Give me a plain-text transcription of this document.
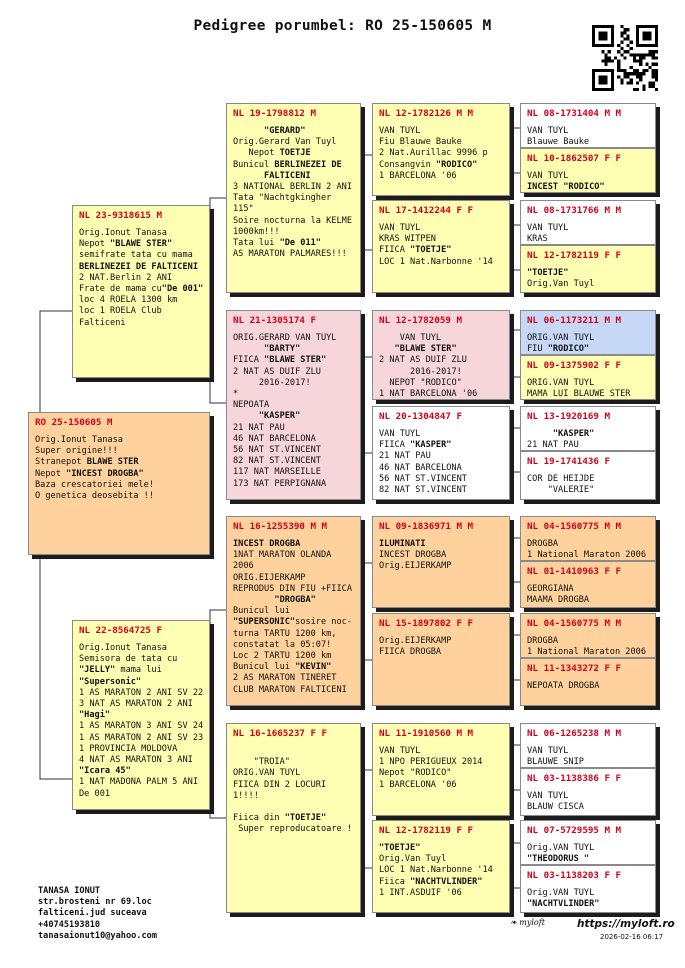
Pedigree porumbel: RO 25-150605 M
RO 25-150605 M
Orig.Ionut Tanasa
Super origine!!!
Stranepot BLAWE STER
Nepot "INCEST DROGBA"
Baza crescatoriei mele!
O genetica deosebita !!
NL 23-9318615 M
Orig.Ionut Tanasa
Nepot "BLAWE STER"
semifrate tata cu mama
BERLINEZEI DE FALTICENI
2 NAT.Berlin 2 ANI
Frate de mama cu"De 001"
loc 4 ROELA 1300 km
loc 1 ROELA Club Falticeni
NL 22-8564725 F
Orig.Ionut Tanasa
Semisora de tata cu
"JELLY" mama lui
"Supersonic"
1 AS MARATON 2 ANI SV 22
3 NAT AS MARATON 2 ANI
"Hagi"
1 AS MARATON 3 ANI SV 24
1 AS MARATON 2 ANI SV 23
1 PROVINCIA MOLDOVA
4 NAT AS MARATON 3 ANI
"Icara 45"
1 NAT MADONA PALM 5 ANI
De 001
NL 19-1798812 M
"GERARD"
Orig.Gerard Van Tuyl
Nepot TOETJE
Bunicul BERLINEZEI DE
FALTICENI
3 NATIONAL BERLIN 2 ANI
Tata "Nachtgkingher 115"
Soire nocturna la KELME
1000km!!!
Tata lui "De 011"
AS MARATON PALMARES!!!
NL 21-1305174 F
ORIG.GERARD VAN TUYL
"BARTY"
FIICA "BLAWE STER"
2 NAT AS DUIF ZLU
2016-2017!
*
NEPOATA
"KASPER"
21 NAT PAU
46 NAT BARCELONA
56 NAT ST.VINCENT
82 NAT ST.VINCENT
117 NAT MARSEILLE
173 NAT PERPIGNANA
NL 16-1255390 M M
INCEST DROGBA
1NAT MARATON OLANDA 2006
ORIG.EIJERKAMP
REPRODUS DIN FIU +FIICA
"DROGBA"
Bunicul lui
"SUPERSONIC"sosire noc-
turna TARTU 1200 km,
constatat la 05:07!
Loc 2 TARTU 1200 km
Bunicul lui "KEVIN"
2 AS MARATON TINERET
CLUB MARATON FALTICENI
NL 16-1665237 F F

"TROIA"
ORIG.VAN TUYL
FIICA DIN 2 LOCURI 1!!!!

Fiica din "TOETJE"
Super reproducatoare !
NL 12-1782126 M M
VAN TUYL
Fiu Blauwe Bauke
2 Nat.Aurillac 9996 p
Consangvin "RODICO"
1 BARCELONA '06
NL 17-1412244 F F
VAN TUYL
KRAS WITPEN
FIICA "TOETJE"
LOC 1 Nat.Narbonne '14
NL 12-1782059 M
VAN TUYL
"BLAWE STER"
2 NAT AS DUIF ZLU
2016-2017!
NEPOT "RODICO"
1 NAT BARCELONA '06
NL 20-1304847 F
VAN TUYL
FIICA "KASPER"
21 NAT PAU
46 NAT BARCELONA
56 NAT ST.VINCENT
82 NAT ST.VINCENT
NL 09-1836971 M M
ILUMINATI
INCEST DROGBA
Orig.EIJERKAMP
NL 15-1897802 F F
Orig.EIJERKAMP
FIICA DROGBA
NL 11-1910560 M M
VAN TUYL
1 NPO PERIGUEUX 2014
Nepot "RODICO"
1 BARCELONA '06
NL 12-1782119 F F
"TOETJE"
Orig.Van Tuyl
LOC 1 Nat.Narbonne '14
Fiica "NACHTVLINDER"
1 INT.ASDUIF '06
NL 08-1731404 M M
VAN TUYL
Blauwe Bauke
NL 10-1862507 F F
VAN TUYL
INCEST "RODICO"
NL 08-1731766 M M
VAN TUYL
KRAS
NL 12-1782119 F F
"TOETJE"
Orig.Van Tuyl
NL 06-1173211 M M
ORIG.VAN TUYL
FIU "RODICO"
NL 09-1375902 F F
ORIG.VAN TUYL
MAMA LUI BLAUWE STER
NL 13-1920169 M
"KASPER"
21 NAT PAU
NL 19-1741436 F
COR DE HEIJDE
"VALERIE"
NL 04-1560775 M M
DROGBA
1 National Maraton 2006
NL 01-1410963 F F
GEORGIANA
MAAMA DROGBA
NL 04-1560775 M M
DROGBA
1 National Maraton 2006
NL 11-1343272 F F
NEPOATA DROGBA
NL 06-1265238 M M
VAN TUYL
BLAUWE SNIP
NL 03-1138386 F F
VAN TUYL
BLAUW CISCA
NL 07-5729595 M M
Orig.VAN TUYL
"THEODORUS "
NL 03-1138203 F F
Orig.VAN TUYL
"NACHTVLINDER"
TANASA IONUT
str.brosteni nr 69.loc
falticeni.jud suceava
+40745193810
tanasaionut10@yahoo.com
❧ myloft	https://myloft.ro
2026-02-16 06:17
